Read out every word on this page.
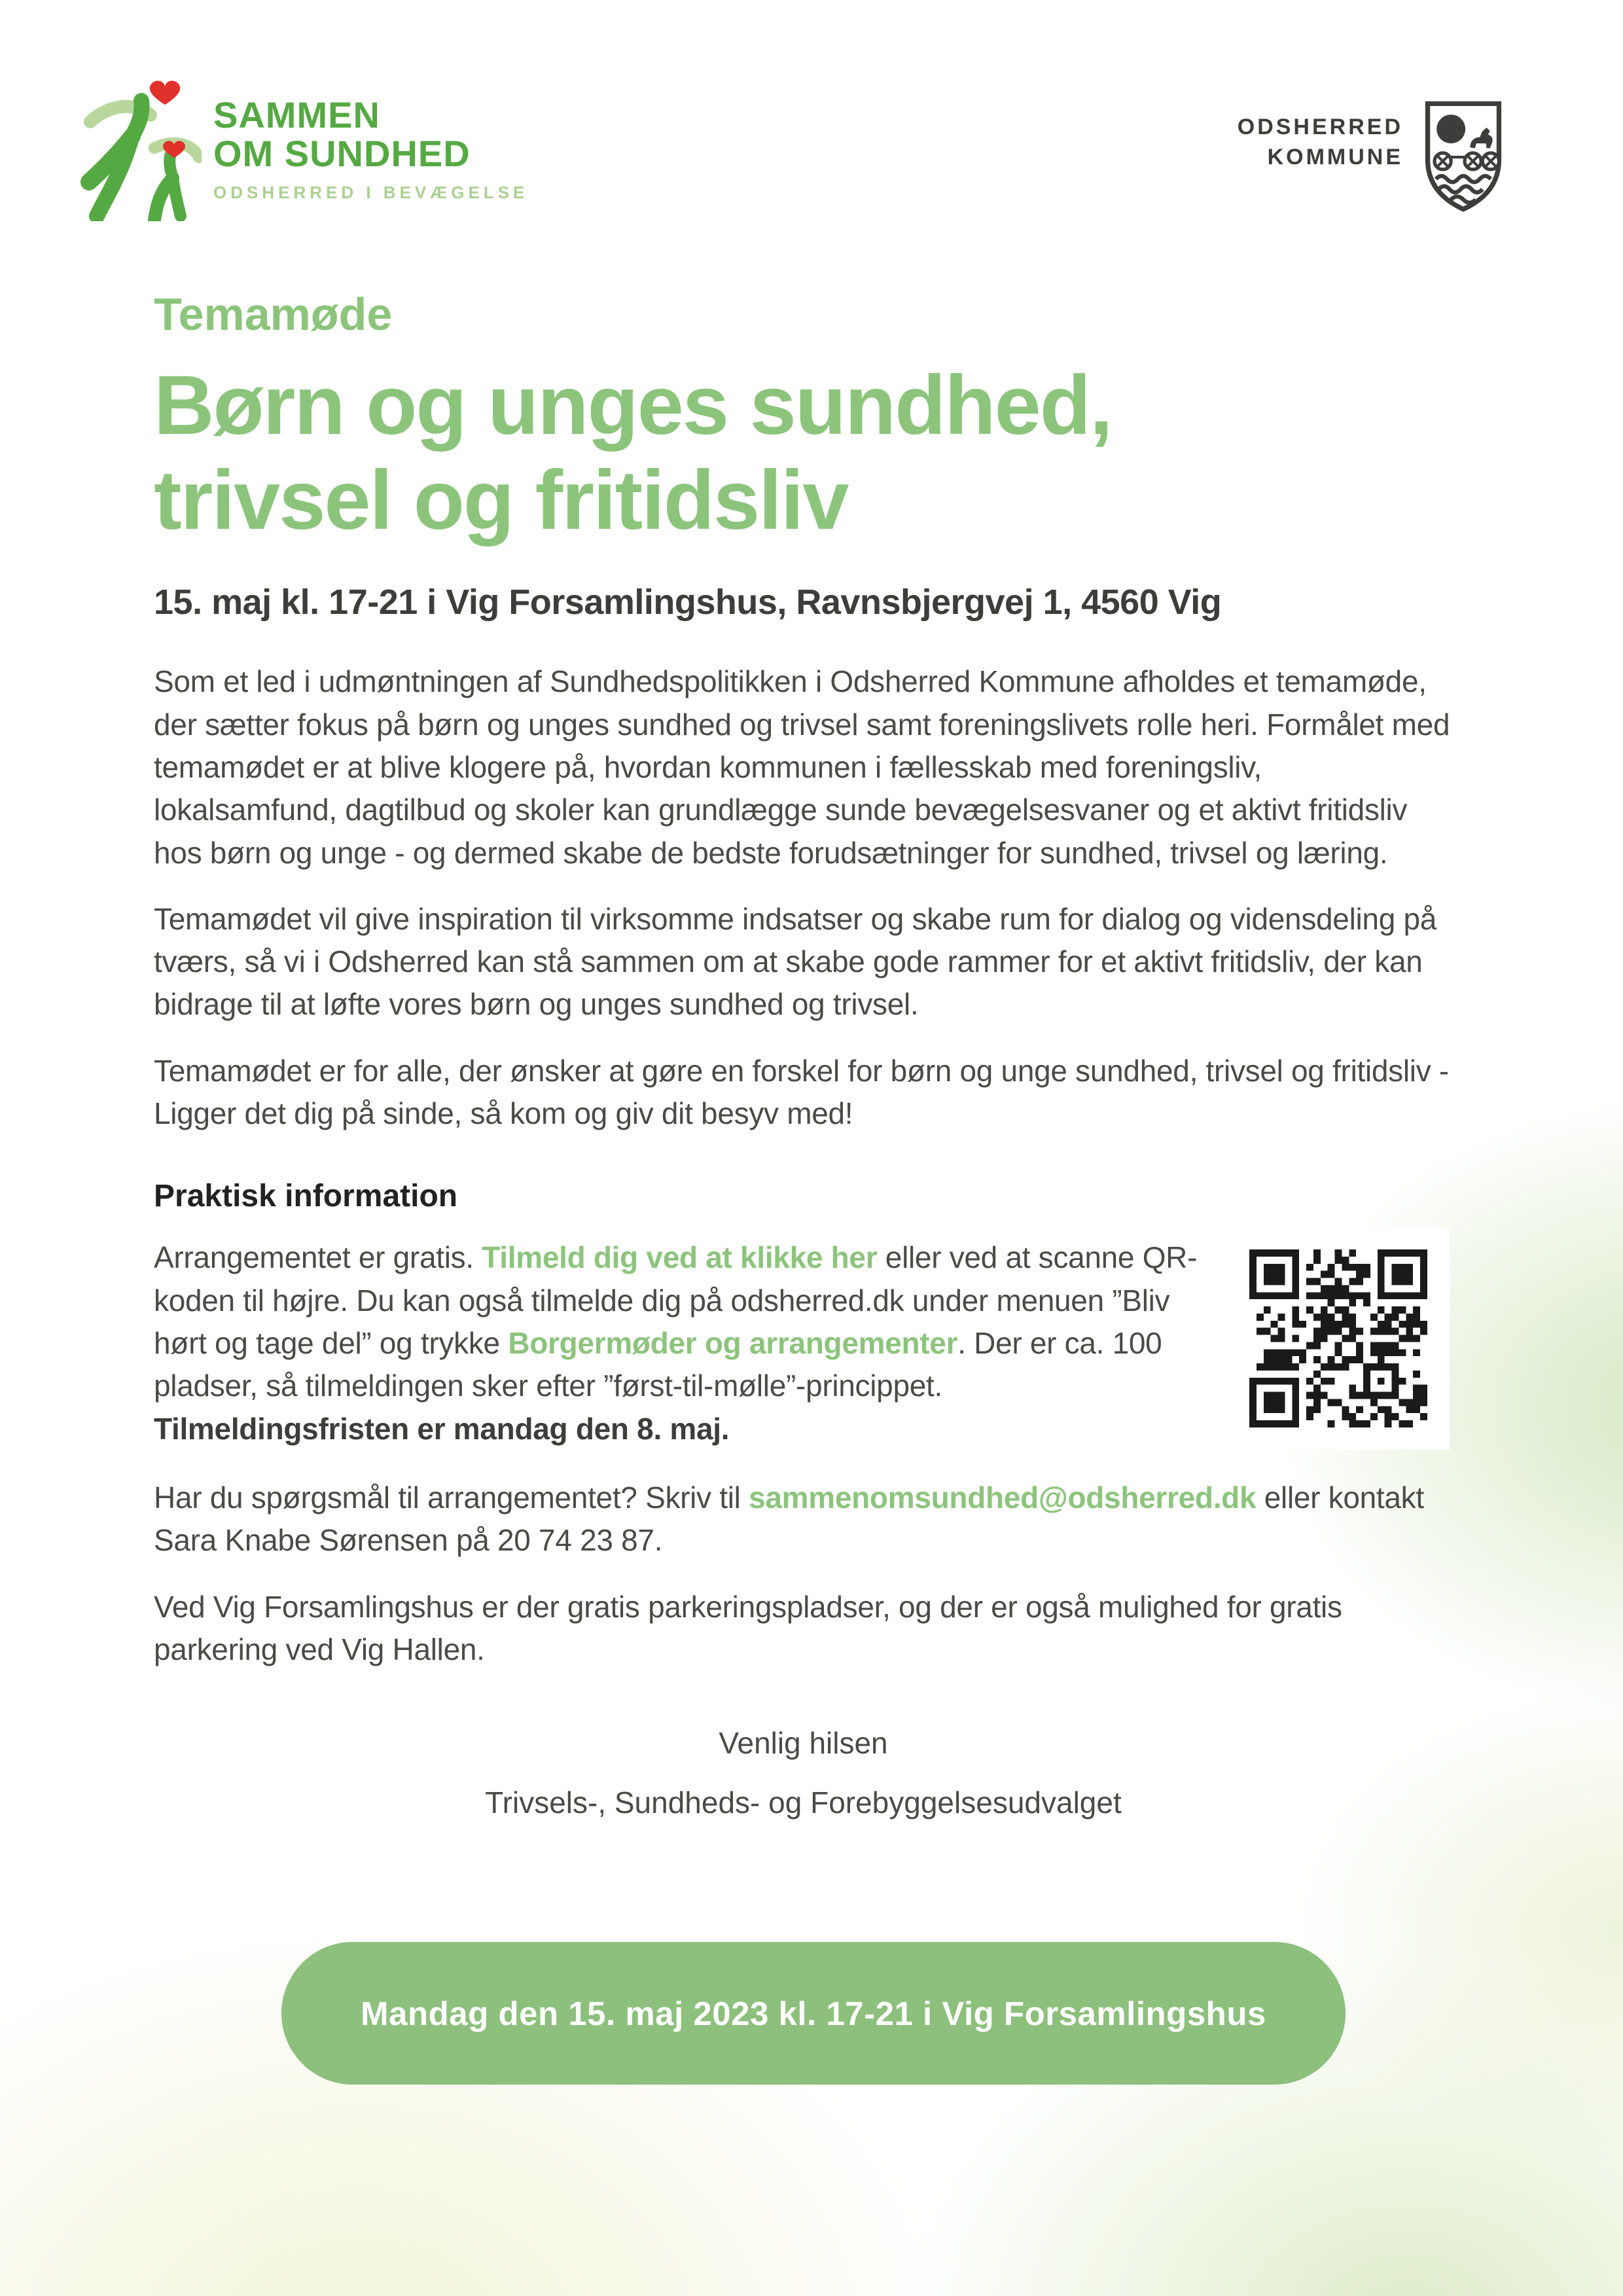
SAMMEN
OM SUNDHED
ODSHERRED I BEVÆGELSE
ODSHERRED
KOMMUNE
Temamøde
Børn og unges sundhed,
trivsel og fritidsliv
15. maj kl. 17-21 i Vig Forsamlingshus, Ravnsbjergvej 1, 4560 Vig

Som et led i udmøntningen af Sundhedspolitikken i Odsherred Kommune afholdes et temamøde, der sætter fokus på børn og unges sundhed og trivsel samt foreningslivets rolle heri. Formålet med temamødet er at blive klogere på, hvordan kommunen i fællesskab med foreningsliv, lokalsamfund, dagtilbud og skoler kan grundlægge sunde bevægelsesvaner og et aktivt fritidsliv hos børn og unge - og dermed skabe de bedste forudsætninger for sundhed, trivsel og læring.

Temamødet vil give inspiration til virksomme indsatser og skabe rum for dialog og vidensdeling på tværs, så vi i Odsherred kan stå sammen om at skabe gode rammer for et aktivt fritidsliv, der kan bidrage til at løfte vores børn og unges sundhed og trivsel.

Temamødet er for alle, der ønsker at gøre en forskel for børn og unge sundhed, trivsel og fritidsliv - Ligger det dig på sinde, så kom og giv dit besyv med!

Praktisk information

Arrangementet er gratis. Tilmeld dig ved at klikke her eller ved at scanne QR-koden til højre. Du kan også tilmelde dig på odsherred.dk under menuen ”Bliv hørt og tage del” og trykke Borgermøder og arrangementer. Der er ca. 100 pladser, så tilmeldingen sker efter ”først-til-mølle”-princippet. Tilmeldingsfristen er mandag den 8. maj.

Har du spørgsmål til arrangementet? Skriv til sammenomsundhed@odsherred.dk eller kontakt Sara Knabe Sørensen på 20 74 23 87.

Ved Vig Forsamlingshus er der gratis parkeringspladser, og der er også mulighed for gratis parkering ved Vig Hallen.

Venlig hilsen
Trivsels-, Sundheds- og Forebyggelsesudvalget
Mandag den 15. maj 2023 kl. 17-21 i Vig Forsamlingshus
